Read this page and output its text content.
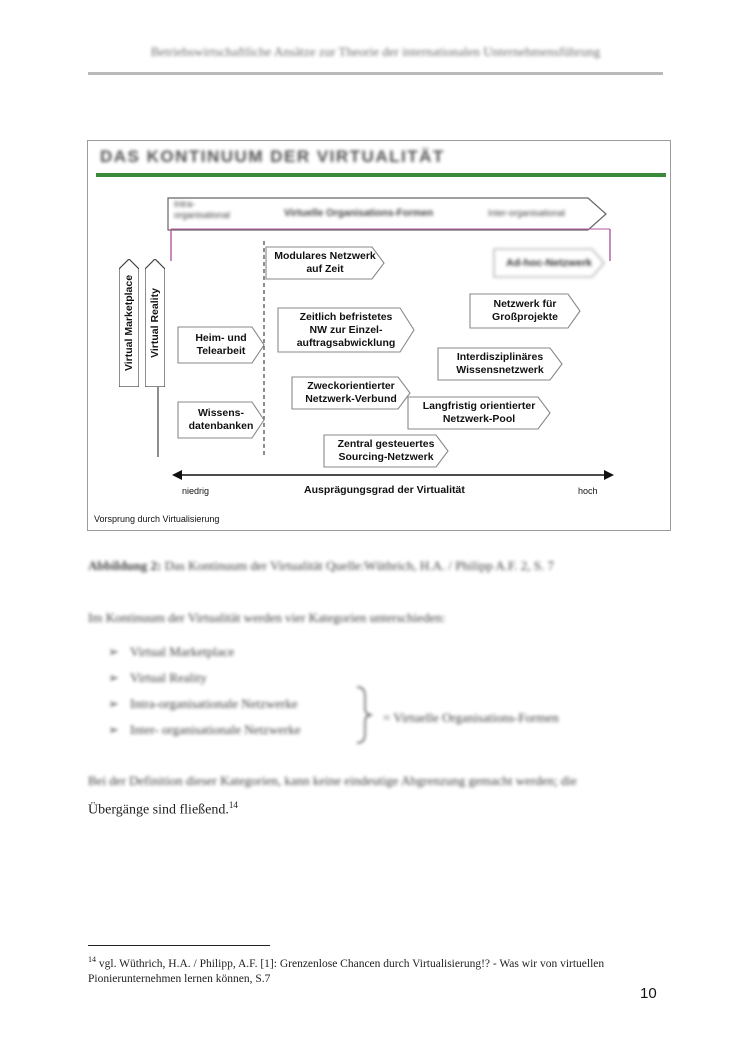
Betriebswirtschaftliche Ansätze zur Theorie der internationalen Unternehmensführung
DAS KONTINUUM DER VIRTUALITÄT
Intra-
organisational	Virtuelle Organisations-Formen	Inter-organisational
Virtual Marketplace Virtual Reality
Modulares Netzwerk
auf Zeit
Ad-hoc-Netzwerk
Heim- und
Telearbeit
Wissens-
datenbanken
Zeitlich befristetes
NW zur Einzel-
auftragsabwicklung
Zweckorientierter
Netzwerk-Verbund
Zentral gesteuertes
Sourcing-Netzwerk
Netzwerk für
Großprojekte
Interdisziplinäres
Wissensnetzwerk
Langfristig orientierter
Netzwerk-Pool
niedrig	Ausprägungsgrad der Virtualität	hoch
Vorsprung durch Virtualisierung
Abbildung 2: Das Kontinuum der Virtualität Quelle:Wüthrich, H.A. / Philipp A.F. 2, S. 7
Im Kontinuum der Virtualität werden vier Kategorien unterschieden:
➢ Virtual Marketplace
➢ Virtual Reality
➢ Intra-organisationale Netzwerke
➢ Inter- organisationale Netzwerke
= Virtuelle Organisations-Formen
Bei der Definition dieser Kategorien, kann keine eindeutige Abgrenzung gemacht werden; die
Übergänge sind fließend.$^{14}$
$^{14}$ vgl. Wüthrich, H.A. / Philipp, A.F. [1]: Grenzenlose Chancen durch Virtualisierung!? - Was wir von virtuellen Pionierunternehmen lernen können, S.7
10
